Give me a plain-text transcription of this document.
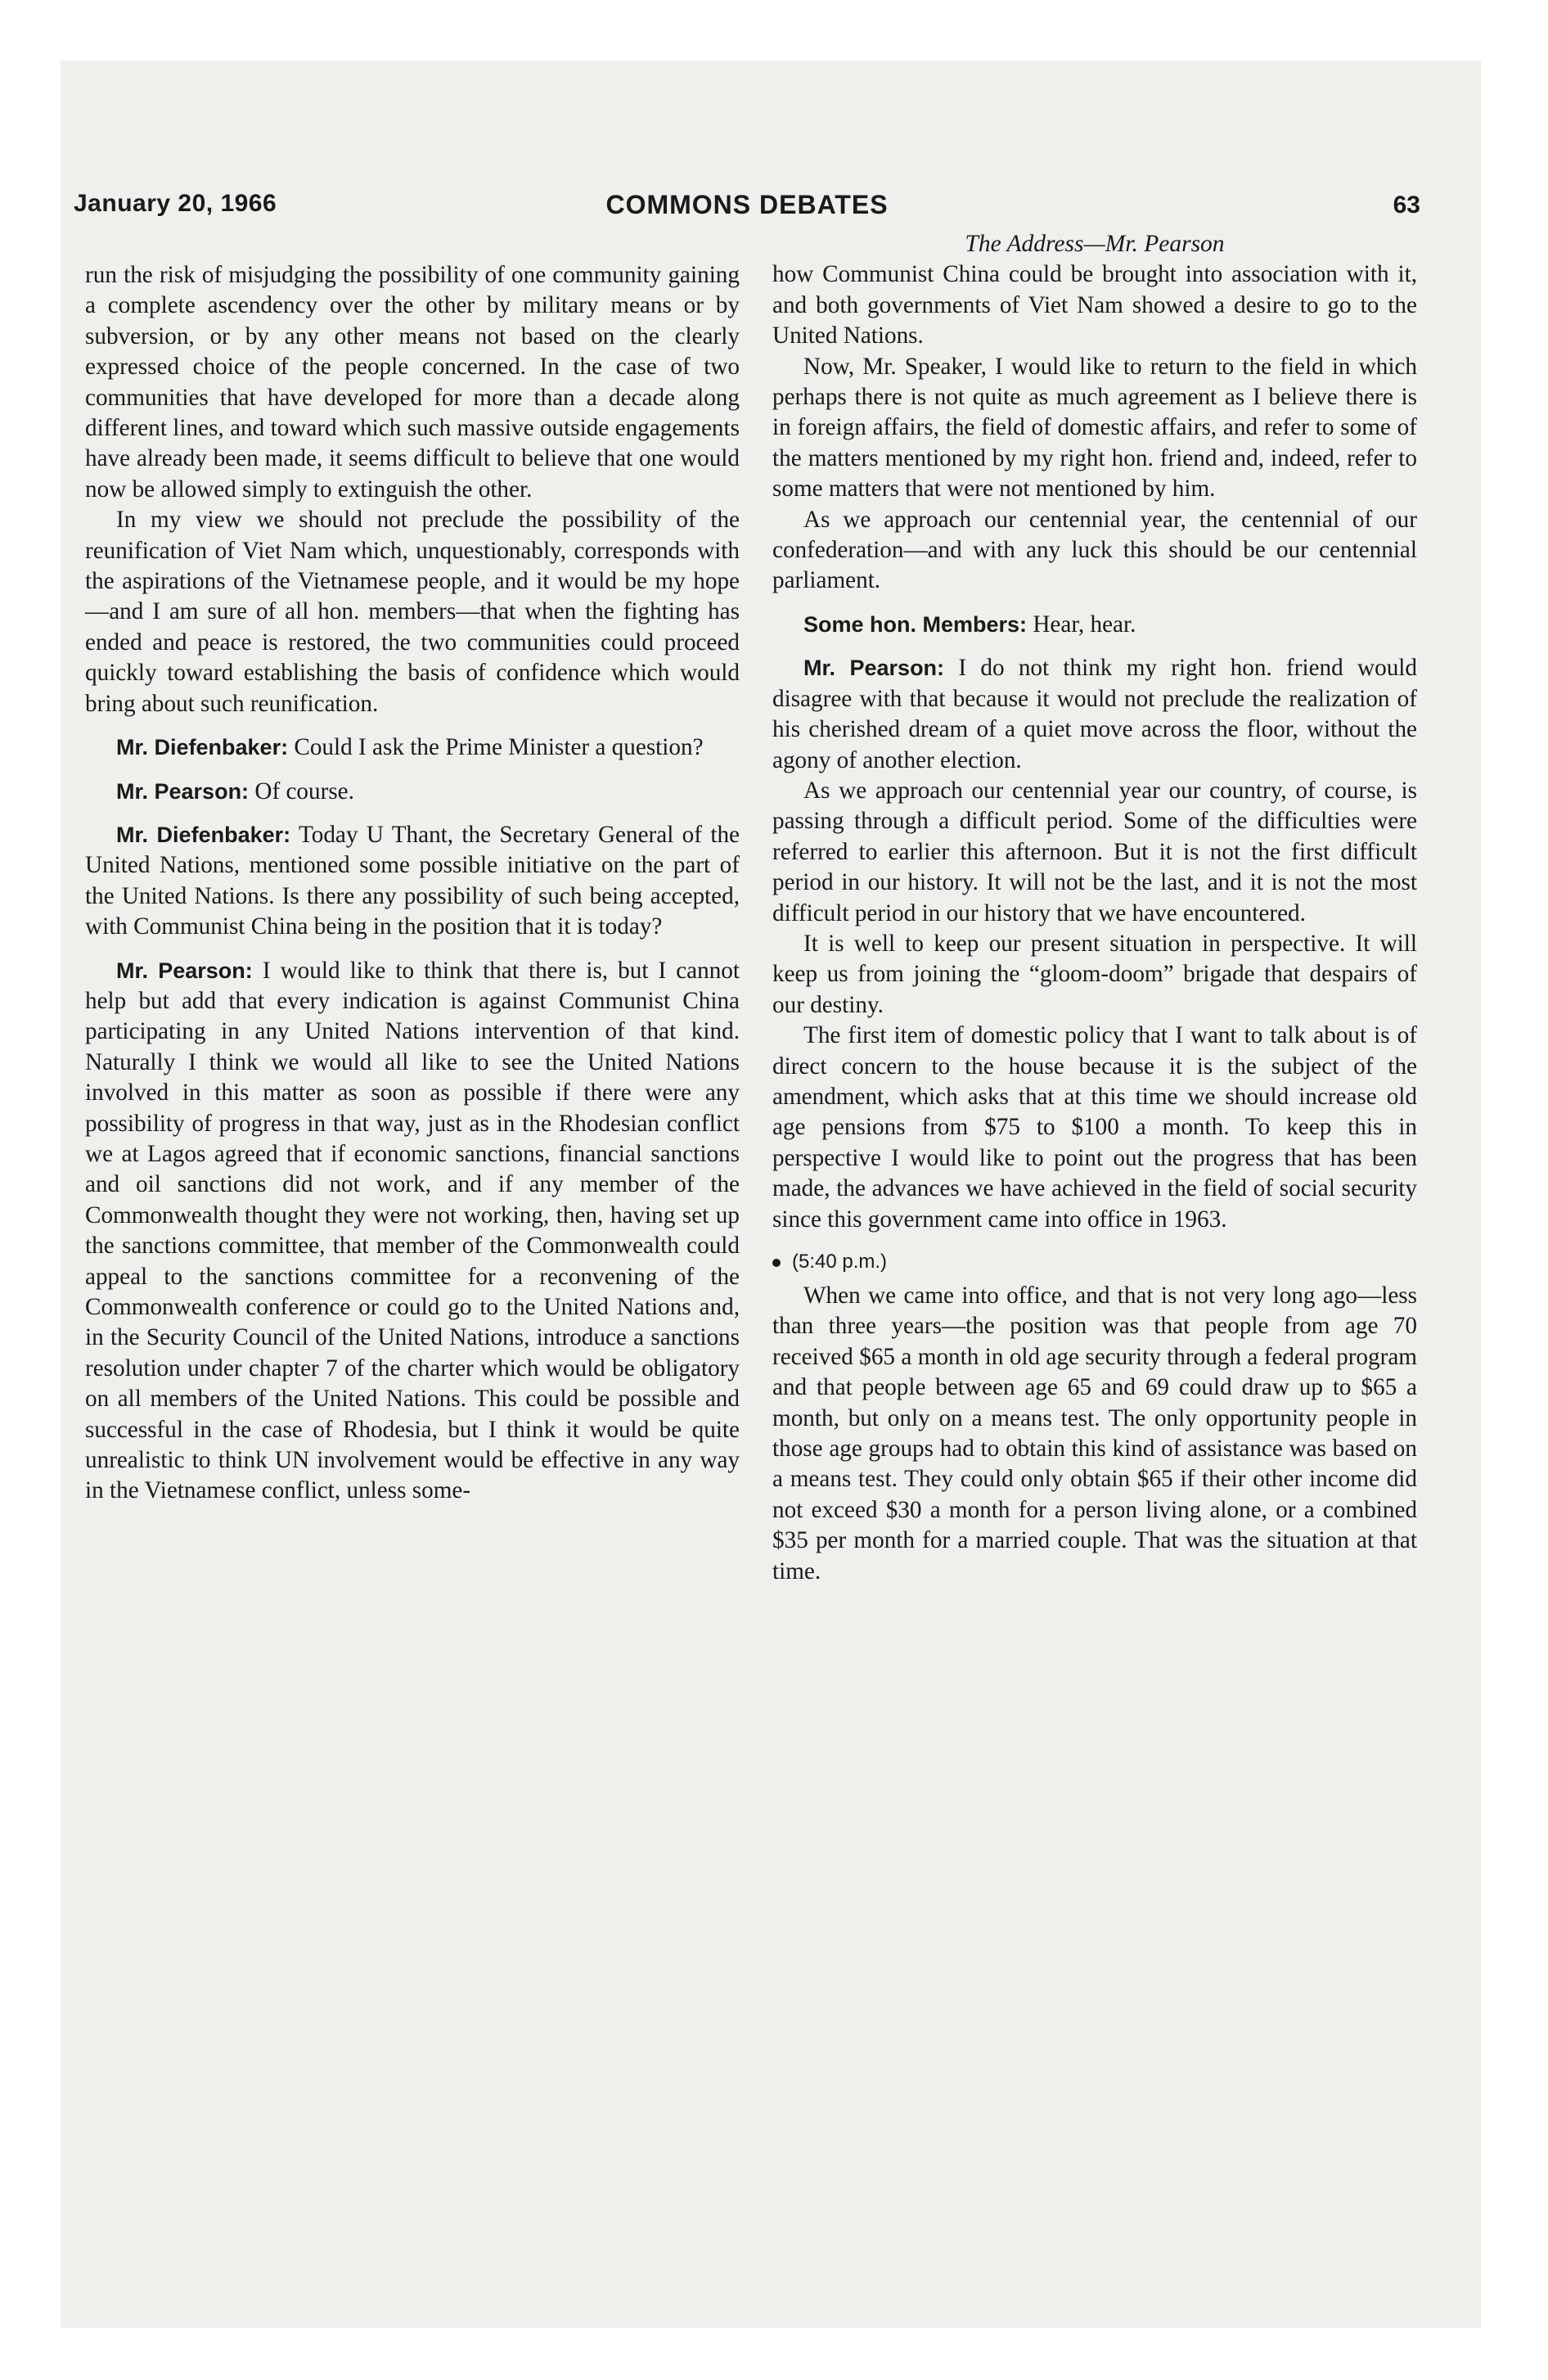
January 20, 1966	COMMONS DEBATES	63

run the risk of misjudging the possibility of one community gaining a complete ascendency over the other by military means or by subversion, or by any other means not based on the clearly expressed choice of the people concerned. In the case of two communities that have developed for more than a decade along different lines, and toward which such massive outside engagements have already been made, it seems difficult to believe that one would now be allowed simply to extinguish the other.

In my view we should not preclude the possibility of the reunification of Viet Nam which, unquestionably, corresponds with the aspirations of the Vietnamese people, and it would be my hope—and I am sure of all hon. members—that when the fighting has ended and peace is restored, the two communities could proceed quickly toward establishing the basis of confidence which would bring about such reunification.

Mr. Diefenbaker: Could I ask the Prime Minister a question?

Mr. Pearson: Of course.

Mr. Diefenbaker: Today U Thant, the Secretary General of the United Nations, mentioned some possible initiative on the part of the United Nations. Is there any possibility of such being accepted, with Communist China being in the position that it is today?

Mr. Pearson: I would like to think that there is, but I cannot help but add that every indication is against Communist China participating in any United Nations intervention of that kind. Naturally I think we would all like to see the United Nations involved in this matter as soon as possible if there were any possibility of progress in that way, just as in the Rhodesian conflict we at Lagos agreed that if economic sanctions, financial sanctions and oil sanctions did not work, and if any member of the Commonwealth thought they were not working, then, having set up the sanctions committee, that member of the Commonwealth could appeal to the sanctions committee for a reconvening of the Commonwealth conference or could go to the United Nations and, in the Security Council of the United Nations, introduce a sanctions resolution under chapter 7 of the charter which would be obligatory on all members of the United Nations. This could be possible and successful in the case of Rhodesia, but I think it would be quite unrealistic to think UN involvement would be effective in any way in the Vietnamese conflict, unless some-

The Address—Mr. Pearson

how Communist China could be brought into association with it, and both governments of Viet Nam showed a desire to go to the United Nations.

Now, Mr. Speaker, I would like to return to the field in which perhaps there is not quite as much agreement as I believe there is in foreign affairs, the field of domestic affairs, and refer to some of the matters mentioned by my right hon. friend and, indeed, refer to some matters that were not mentioned by him.

As we approach our centennial year, the centennial of our confederation—and with any luck this should be our centennial parliament.

Some hon. Members: Hear, hear.

Mr. Pearson: I do not think my right hon. friend would disagree with that because it would not preclude the realization of his cherished dream of a quiet move across the floor, without the agony of another election.

As we approach our centennial year our country, of course, is passing through a difficult period. Some of the difficulties were referred to earlier this afternoon. But it is not the first difficult period in our history. It will not be the last, and it is not the most difficult period in our history that we have encountered.

It is well to keep our present situation in perspective. It will keep us from joining the “gloom-doom” brigade that despairs of our destiny.

The first item of domestic policy that I want to talk about is of direct concern to the house because it is the subject of the amendment, which asks that at this time we should increase old age pensions from $75 to $100 a month. To keep this in perspective I would like to point out the progress that has been made, the advances we have achieved in the field of social security since this government came into office in 1963.

(5:40 p.m.)

When we came into office, and that is not very long ago—less than three years—the position was that people from age 70 received $65 a month in old age security through a federal program and that people between age 65 and 69 could draw up to $65 a month, but only on a means test. The only opportunity people in those age groups had to obtain this kind of assistance was based on a means test. They could only obtain $65 if their other income did not exceed $30 a month for a person living alone, or a combined $35 per month for a married couple. That was the situation at that time.
